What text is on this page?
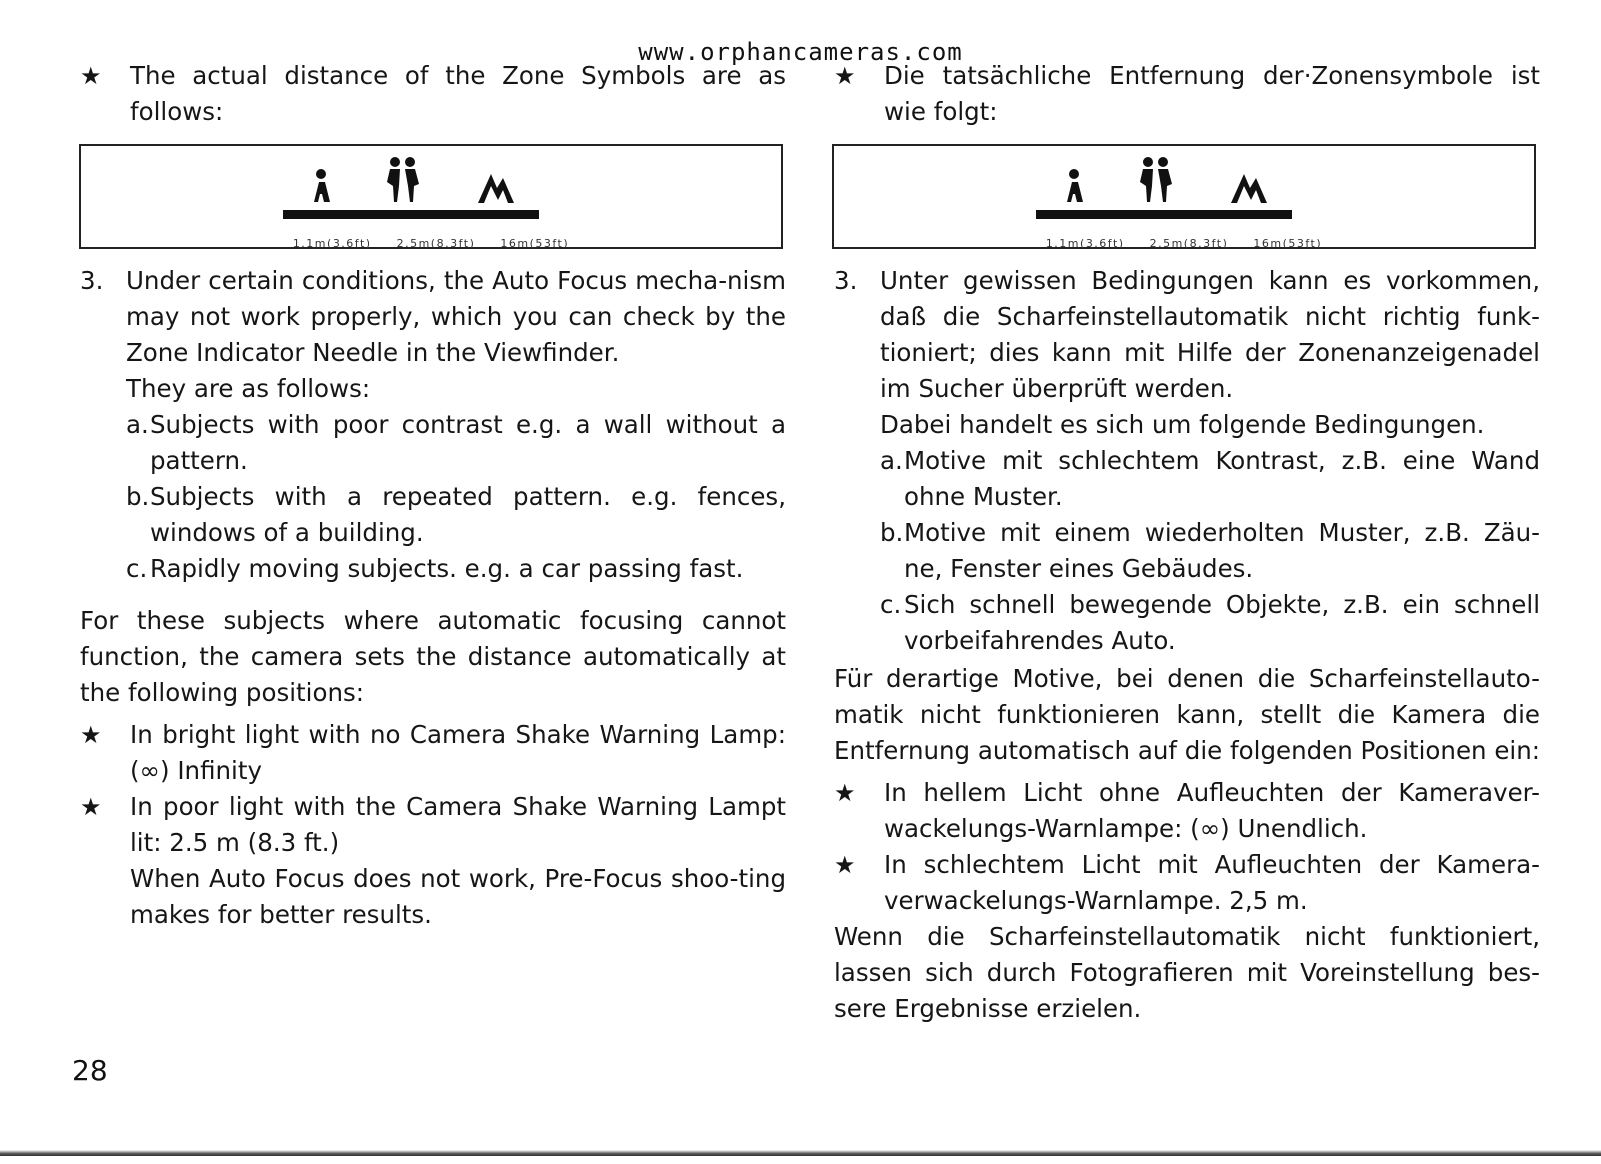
www.orphancameras.com
★	The actual distance of the Zone Symbols are as follows:
1.1m(3.6ft) 2.5m(8.3ft) 16m(53ft)
3. Under certain conditions, the Auto Focus mecha-nism may not work properly, which you can check by the Zone Indicator Needle in the Viewfinder.
They are as follows:
a. Subjects with poor contrast e.g. a wall without a pattern.
b. Subjects with a repeated pattern. e.g. fences, windows of a building.
c. Rapidly moving subjects. e.g. a car passing fast.
For these subjects where automatic focusing cannot function, the camera sets the distance automatically at the following positions:
★	In bright light with no Camera Shake Warning Lamp: (∞) Infinity
★	In poor light with the Camera Shake Warning Lampt lit: 2.5 m (8.3 ft.)
When Auto Focus does not work, Pre-Focus shoo-ting makes for better results.
★	Die tatsächliche Entfernung der·Zonensymbole ist wie folgt:
1.1m(3.6ft) 2.5m(8.3ft) 16m(53ft)
3. Unter gewissen Bedingungen kann es vorkommen, daß die Scharfeinstellautomatik nicht richtig funk-tioniert; dies kann mit Hilfe der Zonenanzeigenadel im Sucher überprüft werden.
Dabei handelt es sich um folgende Bedingungen.
a. Motive mit schlechtem Kontrast, z.B. eine Wand ohne Muster.
b. Motive mit einem wiederholten Muster, z.B. Zäu-ne, Fenster eines Gebäudes.
c. Sich schnell bewegende Objekte, z.B. ein schnell vorbeifahrendes Auto.
Für derartige Motive, bei denen die Scharfeinstellauto-matik nicht funktionieren kann, stellt die Kamera die Entfernung automatisch auf die folgenden Positionen ein:
★	In hellem Licht ohne Aufleuchten der Kameraver-wackelungs-Warnlampe: (∞) Unendlich.
★	In schlechtem Licht mit Aufleuchten der Kamera-verwackelungs-Warnlampe. 2,5 m.
Wenn die Scharfeinstellautomatik nicht funktioniert, lassen sich durch Fotografieren mit Voreinstellung bes-sere Ergebnisse erzielen.
28
